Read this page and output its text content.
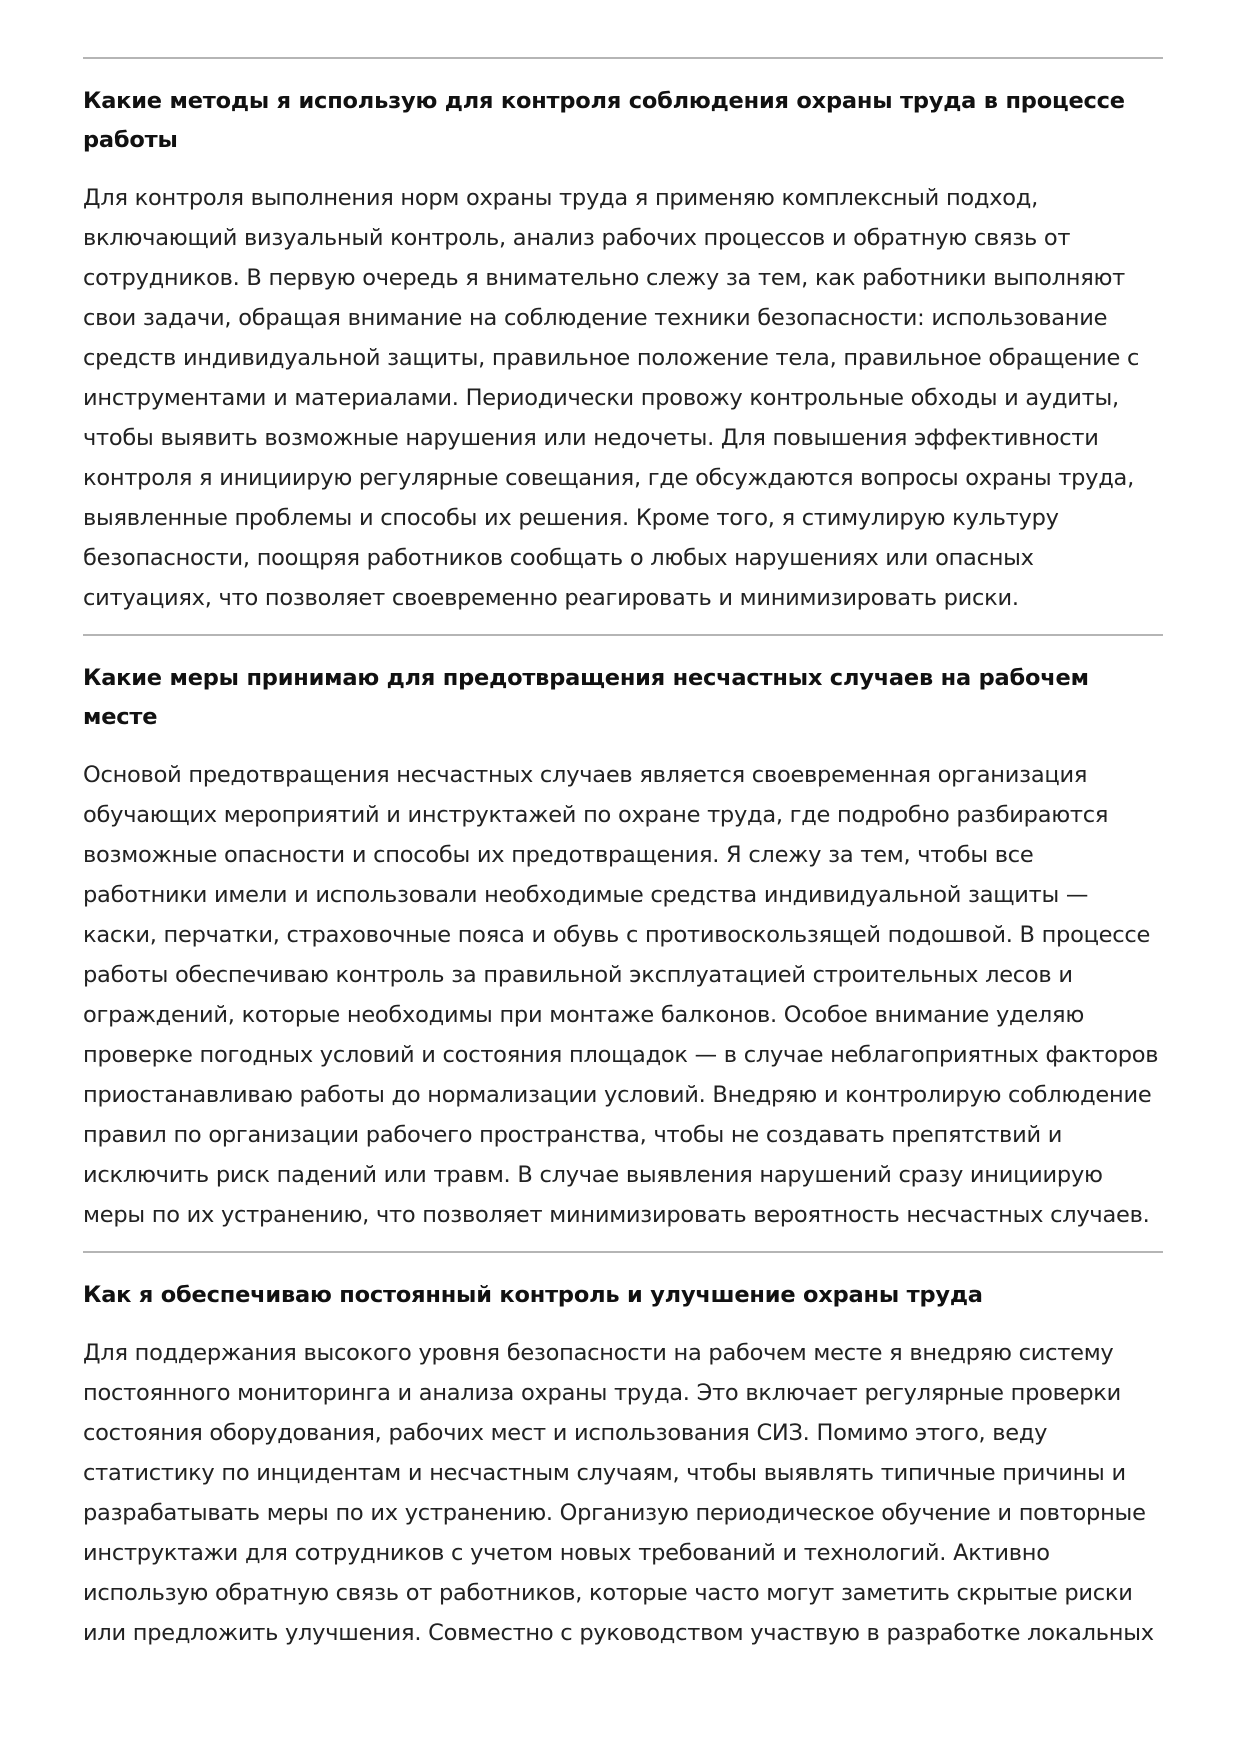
Какие методы я использую для контроля соблюдения охраны труда в процессе работы

Для контроля выполнения норм охраны труда я применяю комплексный подход, включающий визуальный контроль, анализ рабочих процессов и обратную связь от сотрудников. В первую очередь я внимательно слежу за тем, как работники выполняют свои задачи, обращая внимание на соблюдение техники безопасности: использование средств индивидуальной защиты, правильное положение тела, правильное обращение с инструментами и материалами. Периодически провожу контрольные обходы и аудиты, чтобы выявить возможные нарушения или недочеты. Для повышения эффективности контроля я инициирую регулярные совещания, где обсуждаются вопросы охраны труда, выявленные проблемы и способы их решения. Кроме того, я стимулирую культуру безопасности, поощряя работников сообщать о любых нарушениях или опасных ситуациях, что позволяет своевременно реагировать и минимизировать риски.

Какие меры принимаю для предотвращения несчастных случаев на рабочем месте

Основой предотвращения несчастных случаев является своевременная организация обучающих мероприятий и инструктажей по охране труда, где подробно разбираются возможные опасности и способы их предотвращения. Я слежу за тем, чтобы все работники имели и использовали необходимые средства индивидуальной защиты — каски, перчатки, страховочные пояса и обувь с противоскользящей подошвой. В процессе работы обеспечиваю контроль за правильной эксплуатацией строительных лесов и ограждений, которые необходимы при монтаже балконов. Особое внимание уделяю проверке погодных условий и состояния площадок — в случае неблагоприятных факторов приостанавливаю работы до нормализации условий. Внедряю и контролирую соблюдение правил по организации рабочего пространства, чтобы не создавать препятствий и исключить риск падений или травм. В случае выявления нарушений сразу инициирую меры по их устранению, что позволяет минимизировать вероятность несчастных случаев.

Как я обеспечиваю постоянный контроль и улучшение охраны труда

Для поддержания высокого уровня безопасности на рабочем месте я внедряю систему постоянного мониторинга и анализа охраны труда. Это включает регулярные проверки состояния оборудования, рабочих мест и использования СИЗ. Помимо этого, веду статистику по инцидентам и несчастным случаям, чтобы выявлять типичные причины и разрабатывать меры по их устранению. Организую периодическое обучение и повторные инструктажи для сотрудников с учетом новых требований и технологий. Активно использую обратную связь от работников, которые часто могут заметить скрытые риски или предложить улучшения. Совместно с руководством участвую в разработке локальных
